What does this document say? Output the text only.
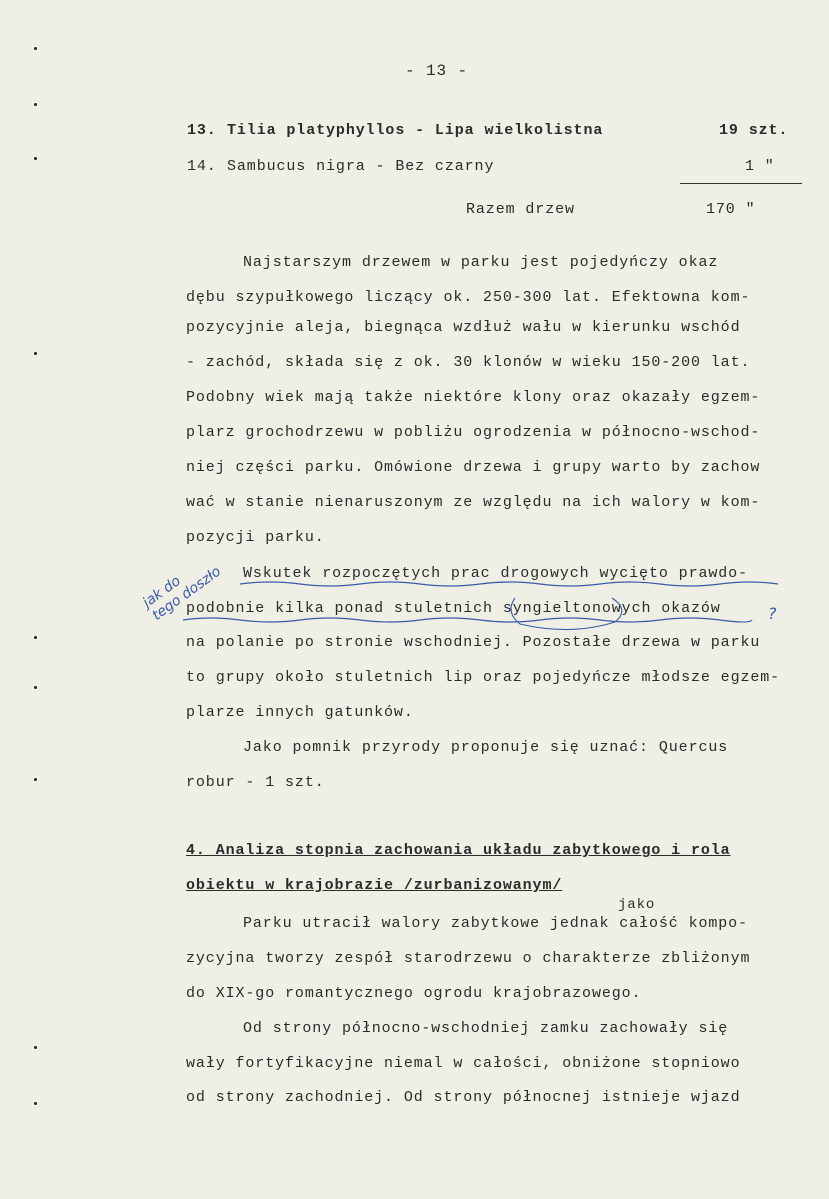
- 13 -
13. Tilia platyphyllos - Lipa wielkolistna	19 szt.
14. Sambucus nigra - Bez czarny	1 "
Razem drzew	170 "
Najstarszym drzewem w parku jest pojedyńczy okaz
dębu szypułkowego liczący ok. 250-300 lat. Efektowna kom-
pozycyjnie aleja, biegnąca wzdłuż wału w kierunku wschód
- zachód, składa się z ok. 30 klonów w wieku 150-200 lat.
Podobny wiek mają także niektóre klony oraz okazały egzem-
plarz grochodrzewu w pobliżu ogrodzenia w północno-wschod-
niej części parku. Omówione drzewa i grupy warto by zachow
wać w stanie nienaruszonym ze względu na ich walory w kom-
pozycji parku.
Wskutek rozpoczętych prac drogowych wycięto prawdo-
podobnie kilka ponad stuletnich syngieltonowych okazów
na polanie po stronie wschodniej. Pozostałe drzewa w parku
to grupy około stuletnich lip oraz pojedyńcze młodsze egzem-
plarze innych gatunków.
Jako pomnik przyrody proponuje się uznać: Quercus
robur - 1 szt.
4. Analiza stopnia zachowania układu zabytkowego i rola
obiektu w krajobrazie /zurbanizowanym/
jako
Parku utracił walory zabytkowe jednak całość kompo-
zycyjna tworzy zespół starodrzewu o charakterze zbliżonym
do XIX-go romantycznego ogrodu krajobrazowego.
Od strony północno-wschodniej zamku zachowały się
wały fortyfikacyjne niemal w całości, obniżone stopniowo
od strony zachodniej. Od strony północnej istnieje wjazd
jak do
tego doszło	?
